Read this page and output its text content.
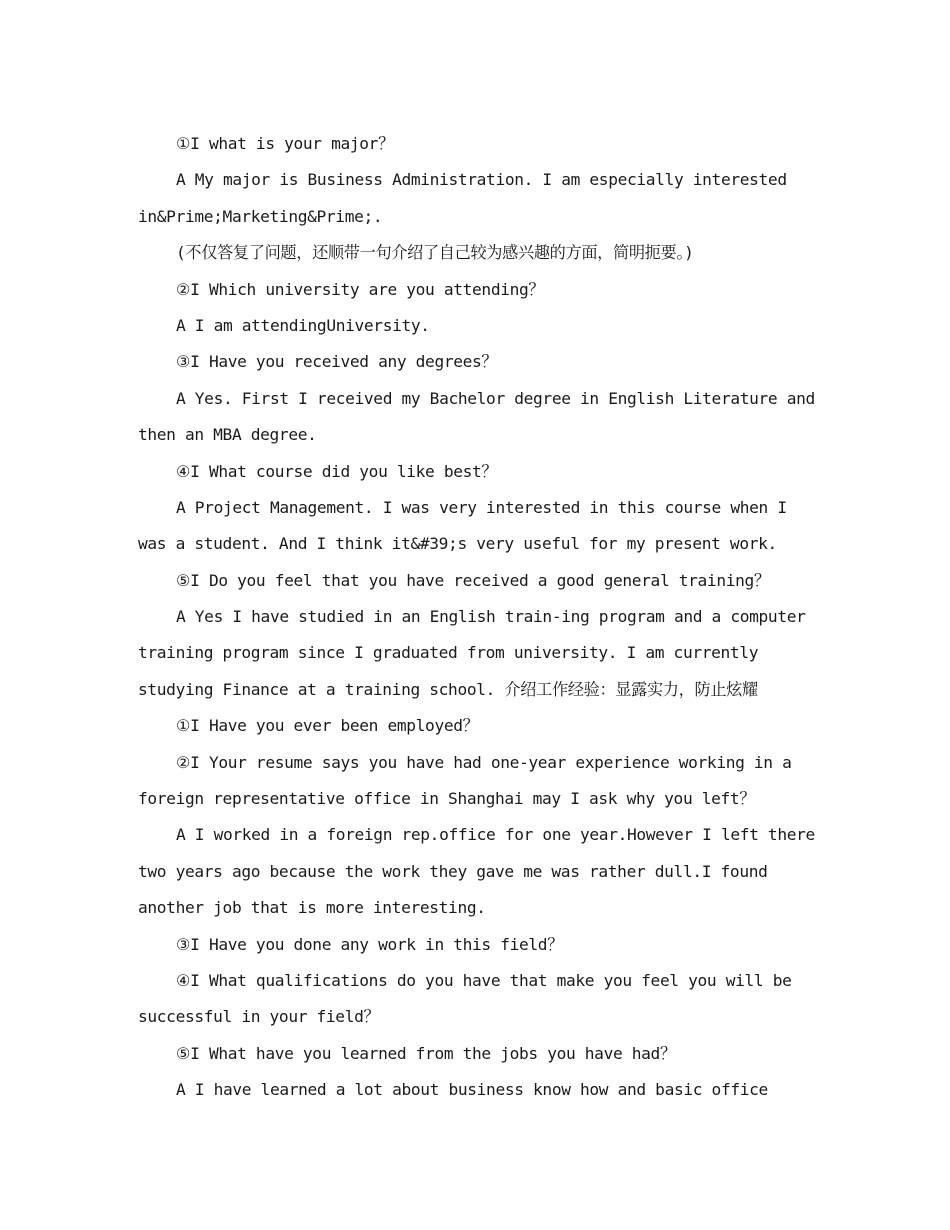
①I what is your major？
A My major is Business Administration. I am especially interested
in&Prime;Marketing&Prime;.
(不仅答复了问题，还顺带一句介绍了自己较为感兴趣的方面，简明扼要。)
②I Which university are you attending？
A I am attendingUniversity.
③I Have you received any degrees？
A Yes. First I received my Bachelor degree in English Literature and
then an MBA degree.
④I What course did you like best？
A Project Management. I was very interested in this course when I
was a student. And I think it&#39;s very useful for my present work.
⑤I Do you feel that you have received a good general training？
A Yes I have studied in an English train-ing program and a computer
training program since I graduated from university. I am currently
studying Finance at a training school. 介绍工作经验：显露实力，防止炫耀
①I Have you ever been employed？
②I Your resume says you have had one-year experience working in a
foreign representative office in Shanghai may I ask why you left？
A I worked in a foreign rep.office for one year.However I left there
two years ago because the work they gave me was rather dull.I found
another job that is more interesting.
③I Have you done any work in this field？
④I What qualifications do you have that make you feel you will be
successful in your field？
⑤I What have you learned from the jobs you have had？
A I have learned a lot about business know how and basic office
